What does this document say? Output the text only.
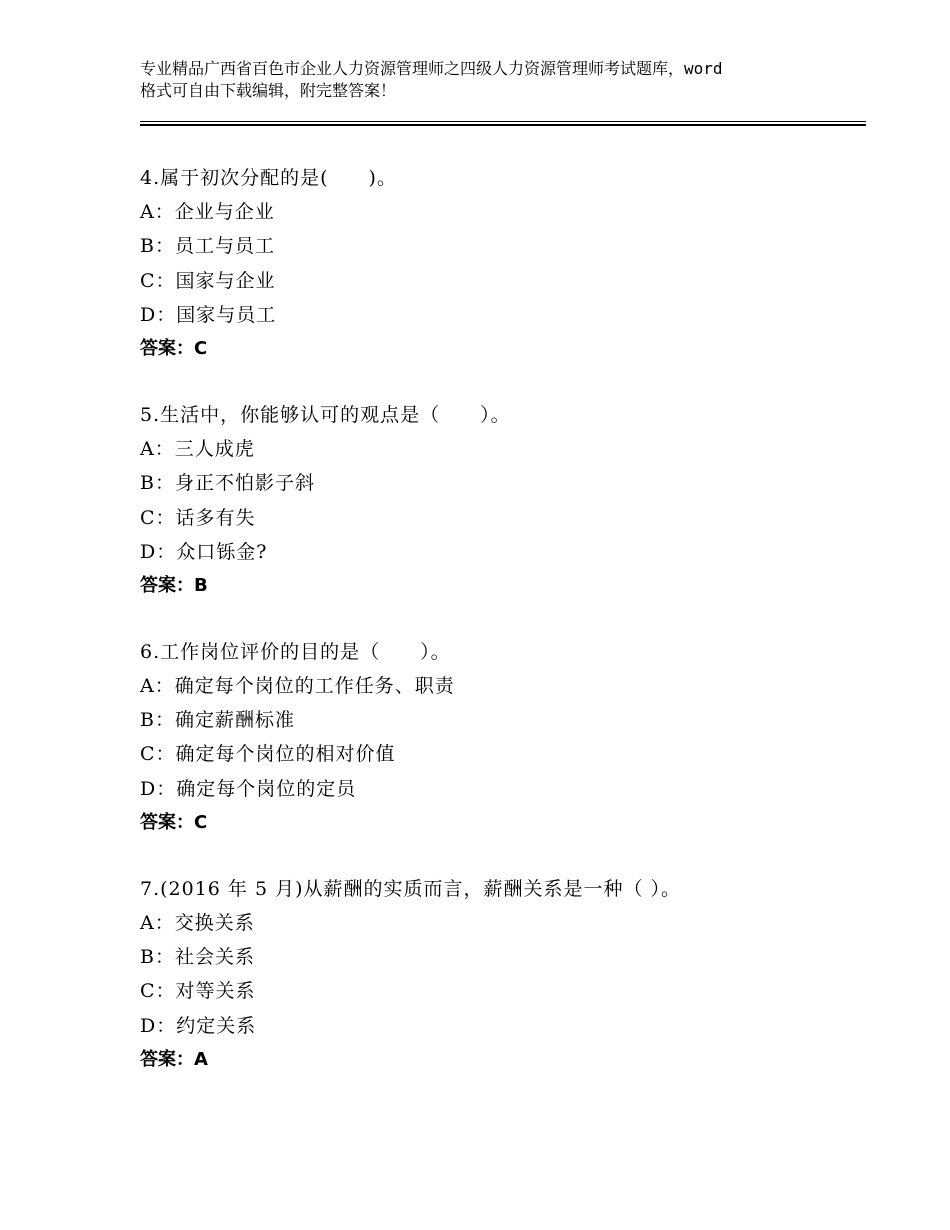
专业精品广西省百色市企业人力资源管理师之四级人力资源管理师考试题库，word
格式可自由下载编辑，附完整答案！
4.属于初次分配的是(　　)。
A：企业与企业
B：员工与员工
C：国家与企业
D：国家与员工
答案：C
5.生活中，你能够认可的观点是（　　）。
A：三人成虎
B：身正不怕影子斜
C：话多有失
D：众口铄金?
答案：B
6.工作岗位评价的目的是（　　）。
A：确定每个岗位的工作任务、职责
B：确定薪酬标准
C：确定每个岗位的相对价值
D：确定每个岗位的定员
答案：C
7.(2016 年 5 月)从薪酬的实质而言，薪酬关系是一种（ ）。
A：交换关系
B：社会关系
C：对等关系
D：约定关系
答案：A
